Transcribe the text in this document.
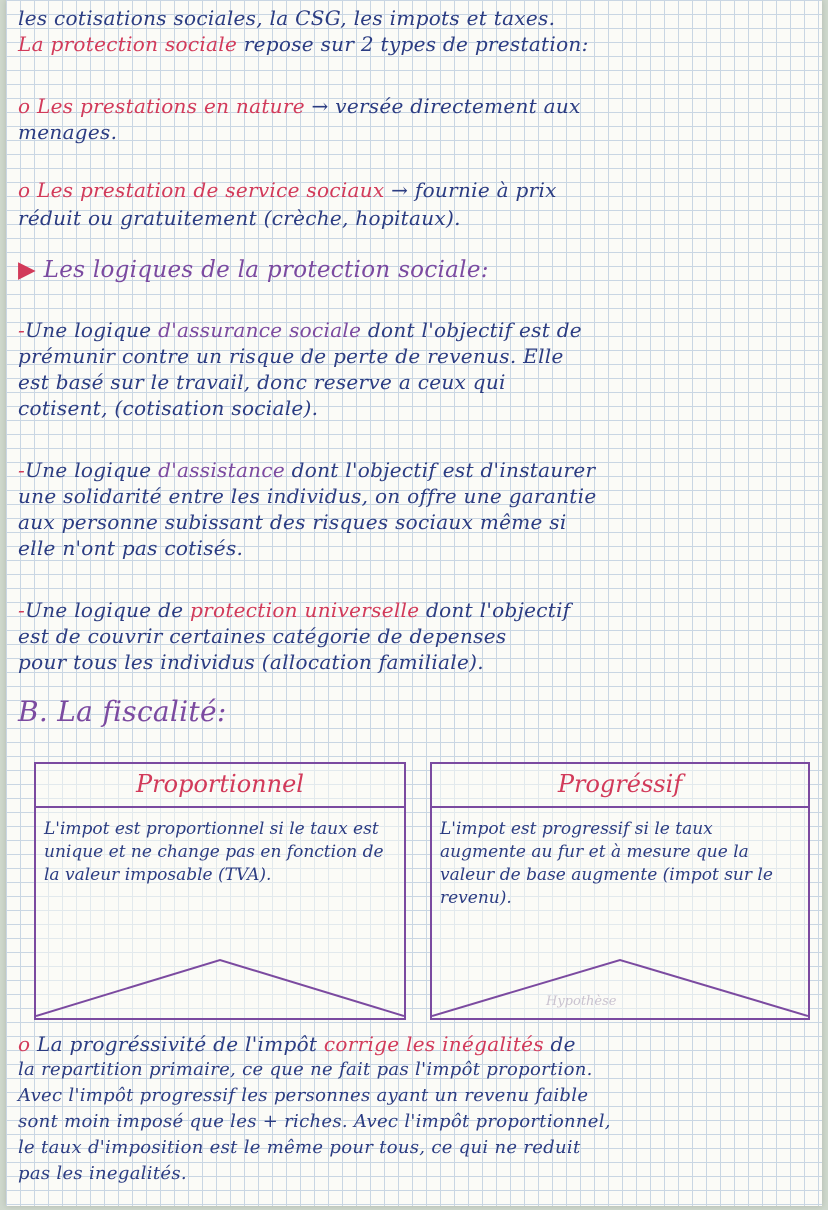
les cotisations sociales, la CSG, les impots et taxes.
La protection sociale repose sur 2 types de prestation:
o Les prestations en nature → versée directement aux
menages.
o Les prestation de service sociaux → fournie à prix
réduit ou gratuitement (crèche, hopitaux).
▶ Les logiques de la protection sociale:
-Une logique d'assurance sociale dont l'objectif est de
prémunir contre un risque de perte de revenus. Elle
est basé sur le travail, donc reserve a ceux qui
cotisent, (cotisation sociale).
-Une logique d'assistance dont l'objectif est d'instaurer
une solidarité entre les individus, on offre une garantie
aux personne subissant des risques sociaux même si
elle n'ont pas cotisés.
-Une logique de protection universelle dont l'objectif
est de couvrir certaines catégorie de depenses
pour tous les individus (allocation familiale).
B. La fiscalité:
Proportionnel
L'impot est proportionnel si le taux est unique et ne change pas en fonction de la valeur imposable (TVA).
Progréssif
L'impot est progressif si le taux augmente au fur et à mesure que la valeur de base augmente (impot sur le revenu).
Hypothèse
o La progréssivité de l'impôt corrige les inégalités de
la repartition primaire, ce que ne fait pas l'impôt proportion.
Avec l'impôt progressif les personnes ayant un revenu faible
sont moin imposé que les + riches. Avec l'impôt proportionnel,
le taux d'imposition est le même pour tous, ce qui ne reduit
pas les inegalités.
